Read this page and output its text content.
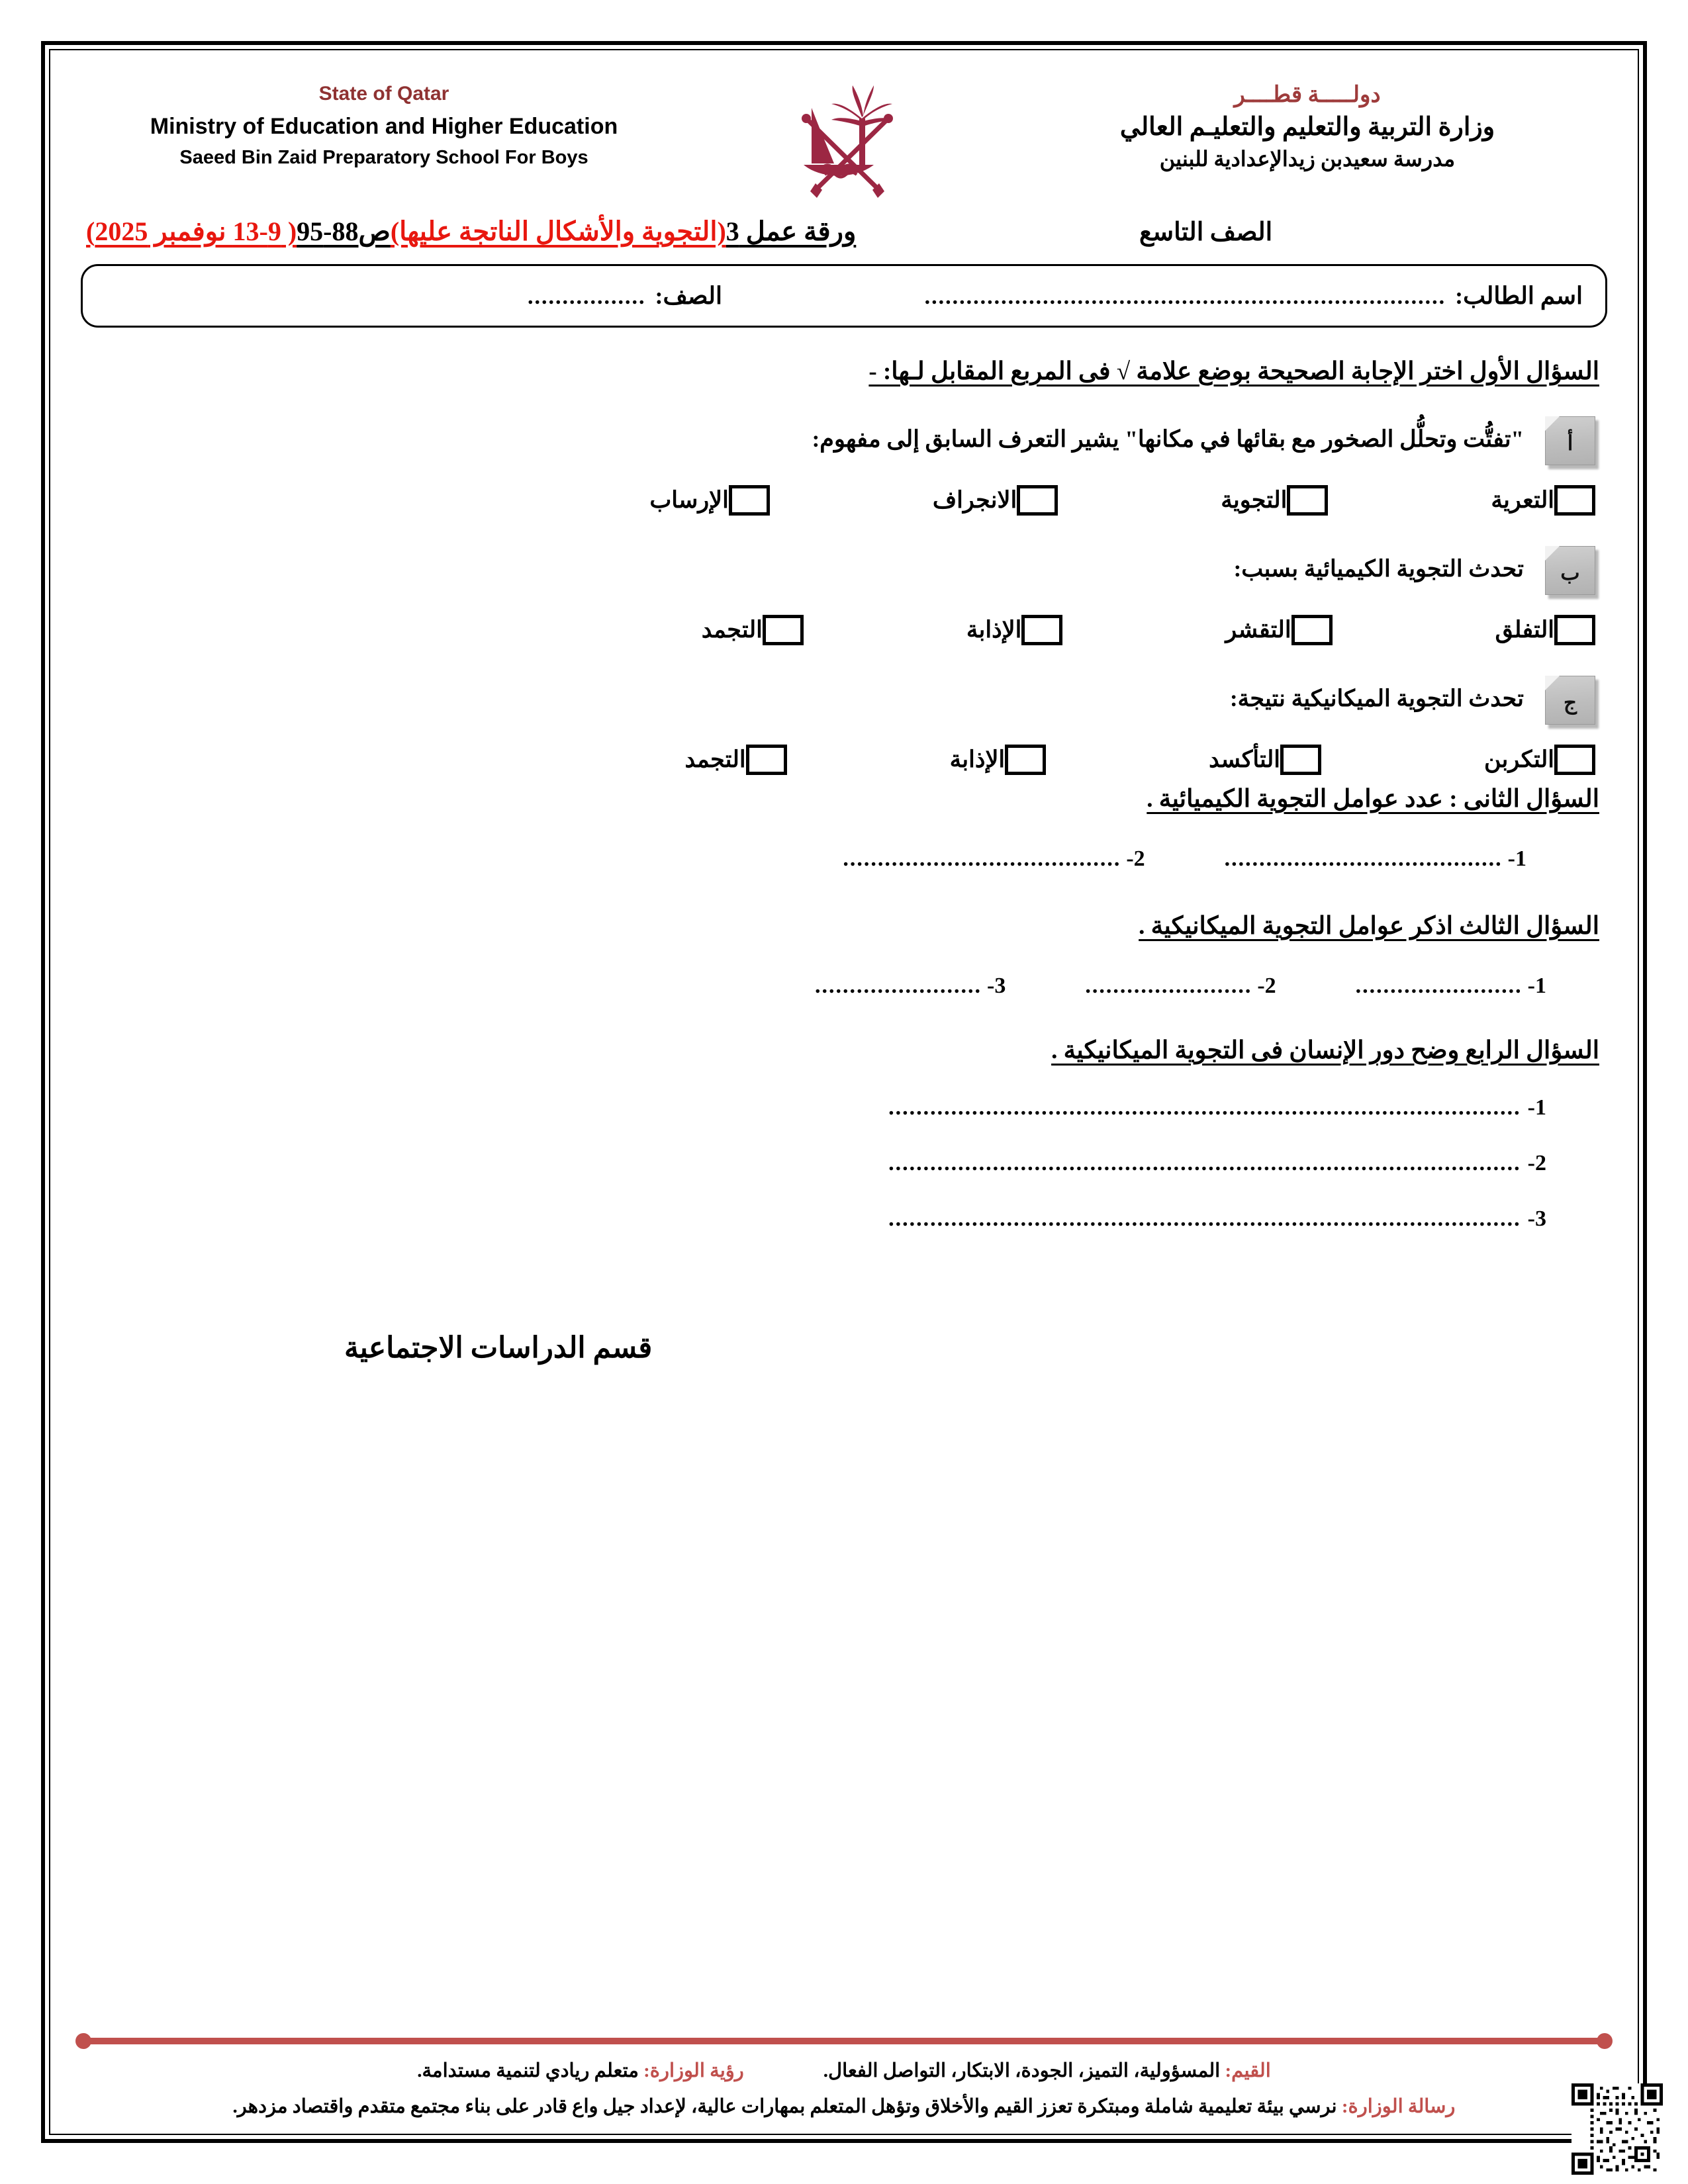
دولـــــة قطــــر
وزارة التربية والتعليم والتعليـم العالي
مدرسة سعيدبن زيدالإعدادية للبنين
State of Qatar
Ministry of Education and Higher Education
Saeed Bin Zaid Preparatory School For Boys
الصف التاسع
ورقة عمل 3(التجوية والأشكال الناتجة عليها)ص88-95( 9-13 نوفمبر 2025)
اسم الطالب:
...........................................................................
الصف:
.................
السؤال الأول اختر الإجابة الصحيحة بوضع علامة √ فى المربع المقابل لـها: -
أ
"تفتُّت وتحلُّل الصخور مع بقائها في مكانها" يشير التعرف السابق إلى مفهوم:
التعرية
التجوية
الانجراف
الإرساب
ب
تحدث التجوية الكيميائية بسبب:
التفلق
التقشر
الإذابة
التجمد
ج
تحدث التجوية الميكانيكية نتيجة:
التكربن
التأكسد
الإذابة
التجمد
السؤال الثانى : عدد عوامل التجوية الكيميائية .
1-
........................................
2-
........................................
السؤال الثالث اذكر عوامل التجوية الميكانيكية .
1-
........................
2-
........................
3-
........................
السؤال الرابع وضح دور الإنسان فى التجوية الميكانيكية .
1-
...........................................................................................
2-
...........................................................................................
3-
...........................................................................................
قسم الدراسات الاجتماعية
القيم: المسؤولية، التميز، الجودة، الابتكار، التواصل الفعال.
رؤية الوزارة: متعلم ريادي لتنمية مستدامة.
رسالة الوزارة: نرسي بيئة تعليمية شاملة ومبتكرة تعزز القيم والأخلاق وتؤهل المتعلم بمهارات عالية، لإعداد جيل واع قادر على بناء مجتمع متقدم واقتصاد مزدهر.
